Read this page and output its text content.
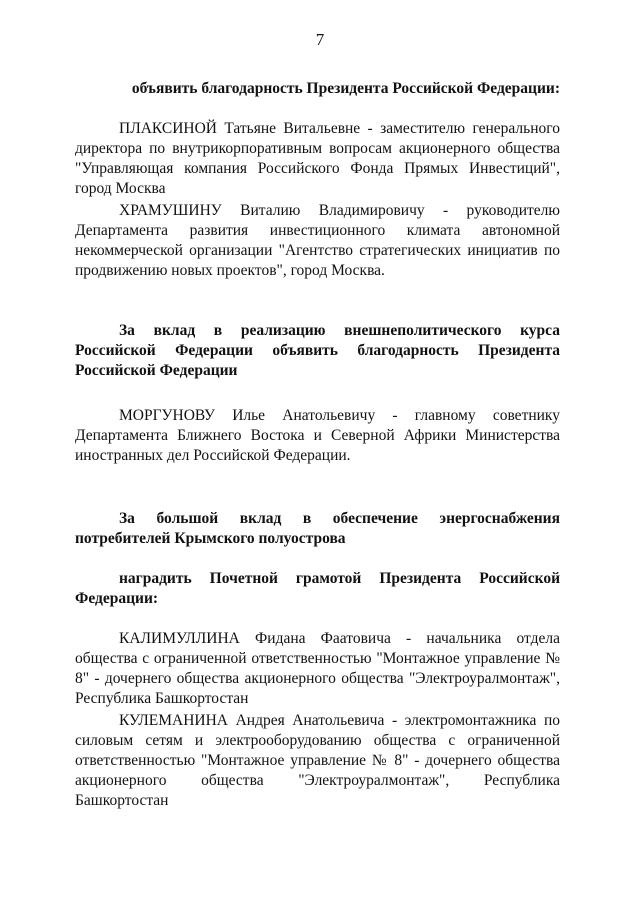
7

объявить благодарность Президента Российской Федерации:

ПЛАКСИНОЙ Татьяне Витальевне - заместителю генерального директора по внутрикорпоративным вопросам акционерного общества "Управляющая компания Российского Фонда Прямых Инвестиций", город Москва

ХРАМУШИНУ Виталию Владимировичу - руководителю Департамента развития инвестиционного климата автономной некоммерческой организации "Агентство стратегических инициатив по продвижению новых проектов", город Москва.

За вклад в реализацию внешнеполитического курса Российской Федерации объявить благодарность Президента Российской Федерации

МОРГУНОВУ Илье Анатольевичу - главному советнику Департамента Ближнего Востока и Северной Африки Министерства иностранных дел Российской Федерации.

За большой вклад в обеспечение энергоснабжения потребителей Крымского полуострова

наградить Почетной грамотой Президента Российской Федерации:

КАЛИМУЛЛИНА Фидана Фаатовича - начальника отдела общества с ограниченной ответственностью "Монтажное управление № 8" - дочернего общества акционерного общества "Электроуралмонтаж", Республика Башкортостан

КУЛЕМАНИНА Андрея Анатольевича - электромонтажника по силовым сетям и электрооборудованию общества с ограниченной ответственностью "Монтажное управление № 8" - дочернего общества акционерного общества "Электроуралмонтаж", Республика Башкортостан
